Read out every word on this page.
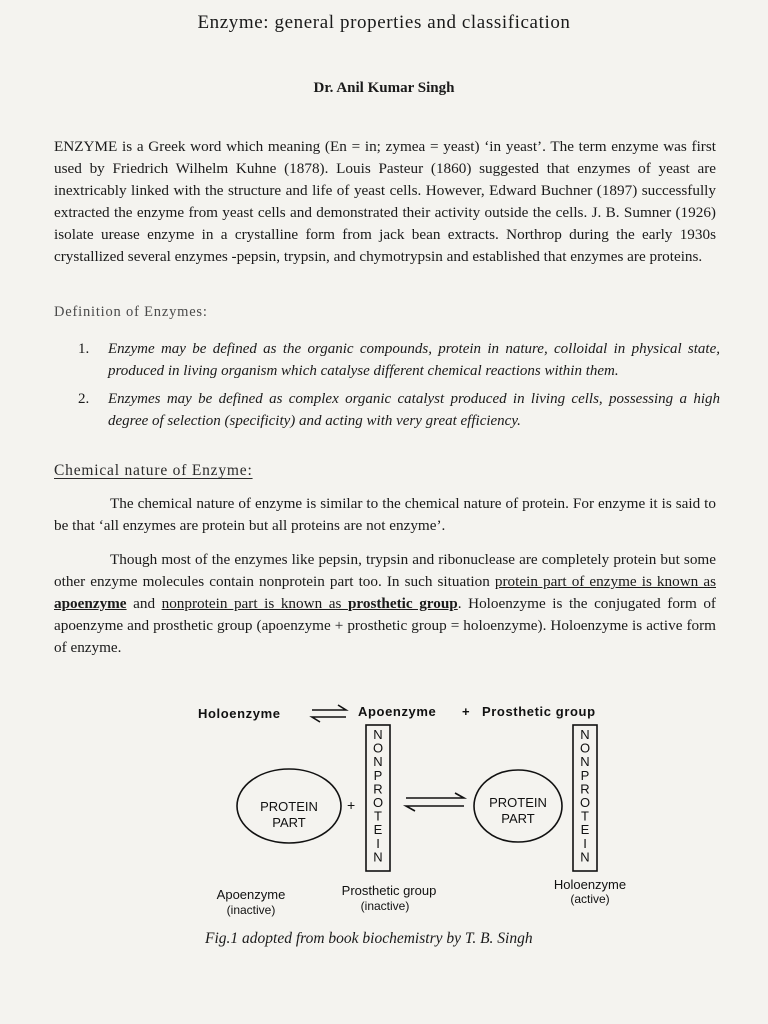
Enzyme: general properties and classification
Dr. Anil Kumar Singh
ENZYME is a Greek word which meaning (En = in; zymea = yeast) ‘in yeast’. The term enzyme was first used by Friedrich Wilhelm Kuhne (1878). Louis Pasteur (1860) suggested that enzymes of yeast are inextricably linked with the structure and life of yeast cells. However, Edward Buchner (1897) successfully extracted the enzyme from yeast cells and demonstrated their activity outside the cells. J. B. Sumner (1926) isolate urease enzyme in a crystalline form from jack bean extracts. Northrop during the early 1930s crystallized several enzymes -pepsin, trypsin, and chymotrypsin and established that enzymes are proteins.
Definition of Enzymes:
1. Enzyme may be defined as the organic compounds, protein in nature, colloidal in physical state, produced in living organism which catalyse different chemical reactions within them.
2. Enzymes may be defined as complex organic catalyst produced in living cells, possessing a high degree of selection (specificity) and acting with very great efficiency.
Chemical nature of Enzyme:
The chemical nature of enzyme is similar to the chemical nature of protein. For enzyme it is said to be that ‘all enzymes are protein but all proteins are not enzyme’.
Though most of the enzymes like pepsin, trypsin and ribonuclease are completely protein but some other enzyme molecules contain nonprotein part too. In such situation protein part of enzyme is known as apoenzyme and nonprotein part is known as prosthetic group. Holoenzyme is the conjugated form of apoenzyme and prosthetic group (apoenzyme + prosthetic group = holoenzyme). Holoenzyme is active form of enzyme.
Holoenzyme	Apoenzyme + Prosthetic group
PROTEIN
PART
+
N
O
N
P
R
O
T
E
I
N
PROTEIN
PART
N
O
N
P
R
O
T
E
I
N
Apoenzyme
(inactive)
Prosthetic group
(inactive)
Holoenzyme
(active)
Fig.1 adopted from book biochemistry by T. B. Singh
